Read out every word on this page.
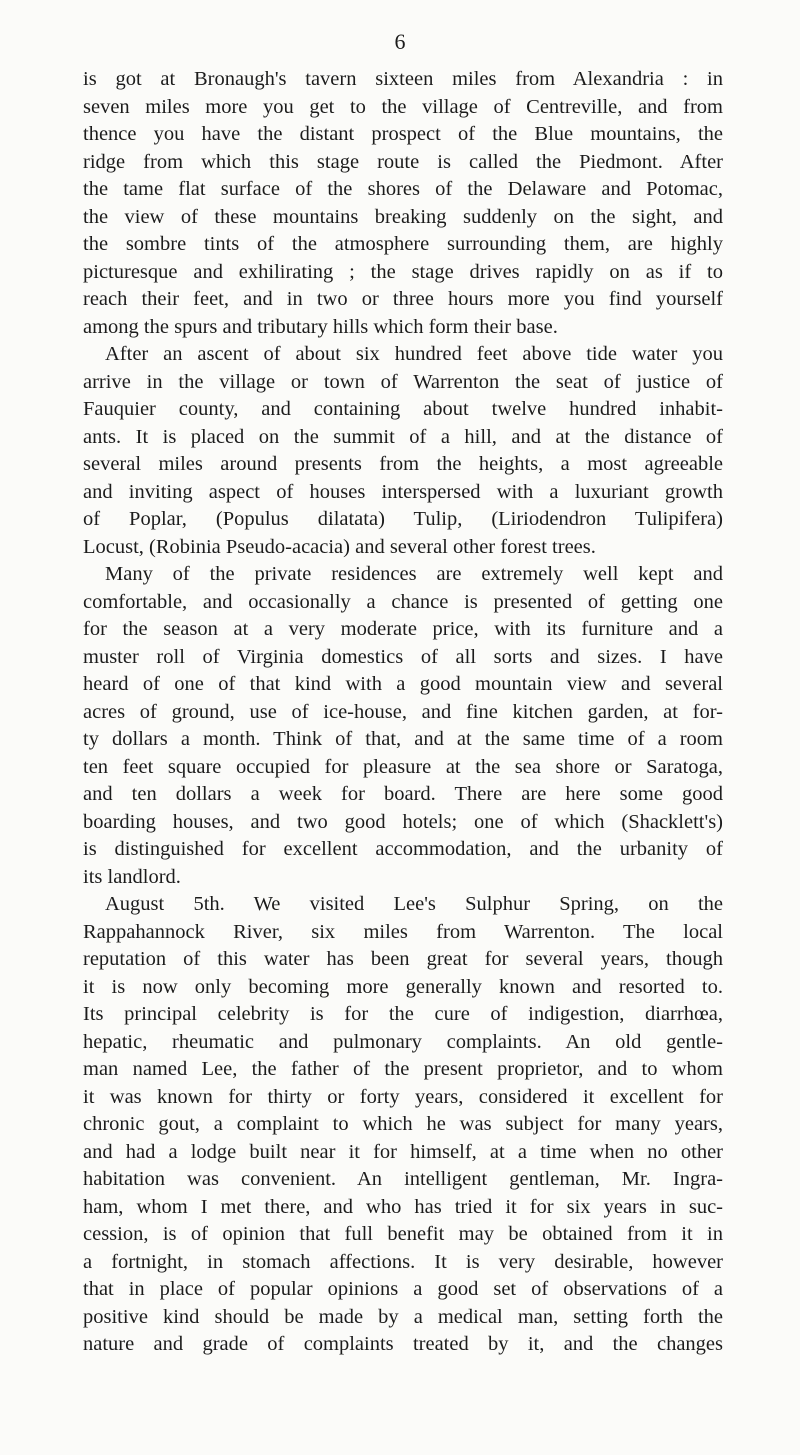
6
is got at Bronaugh's tavern sixteen miles from Alexandria : in
seven miles more you get to the village of Centreville, and from
thence you have the distant prospect of the Blue mountains, the
ridge from which this stage route is called the Piedmont. After
the tame flat surface of the shores of the Delaware and Potomac,
the view of these mountains breaking suddenly on the sight, and
the sombre tints of the atmosphere surrounding them, are highly
picturesque and exhilirating ; the stage drives rapidly on as if to
reach their feet, and in two or three hours more you find yourself
among the spurs and tributary hills which form their base.
After an ascent of about six hundred feet above tide water you
arrive in the village or town of Warrenton the seat of justice of
Fauquier county, and containing about twelve hundred inhabit-
ants. It is placed on the summit of a hill, and at the distance of
several miles around presents from the heights, a most agreeable
and inviting aspect of houses interspersed with a luxuriant growth
of Poplar, (Populus dilatata) Tulip, (Liriodendron Tulipifera)
Locust, (Robinia Pseudo-acacia) and several other forest trees.
Many of the private residences are extremely well kept and
comfortable, and occasionally a chance is presented of getting one
for the season at a very moderate price, with its furniture and a
muster roll of Virginia domestics of all sorts and sizes. I have
heard of one of that kind with a good mountain view and several
acres of ground, use of ice-house, and fine kitchen garden, at for-
ty dollars a month. Think of that, and at the same time of a room
ten feet square occupied for pleasure at the sea shore or Saratoga,
and ten dollars a week for board. There are here some good
boarding houses, and two good hotels; one of which (Shacklett's)
is distinguished for excellent accommodation, and the urbanity of
its landlord.
August 5th. We visited Lee's Sulphur Spring, on the
Rappahannock River, six miles from Warrenton. The local
reputation of this water has been great for several years, though
it is now only becoming more generally known and resorted to.
Its principal celebrity is for the cure of indigestion, diarrhœa,
hepatic, rheumatic and pulmonary complaints. An old gentle-
man named Lee, the father of the present proprietor, and to whom
it was known for thirty or forty years, considered it excellent for
chronic gout, a complaint to which he was subject for many years,
and had a lodge built near it for himself, at a time when no other
habitation was convenient. An intelligent gentleman, Mr. Ingra-
ham, whom I met there, and who has tried it for six years in suc-
cession, is of opinion that full benefit may be obtained from it in
a fortnight, in stomach affections. It is very desirable, however
that in place of popular opinions a good set of observations of a
positive kind should be made by a medical man, setting forth the
nature and grade of complaints treated by it, and the changes
